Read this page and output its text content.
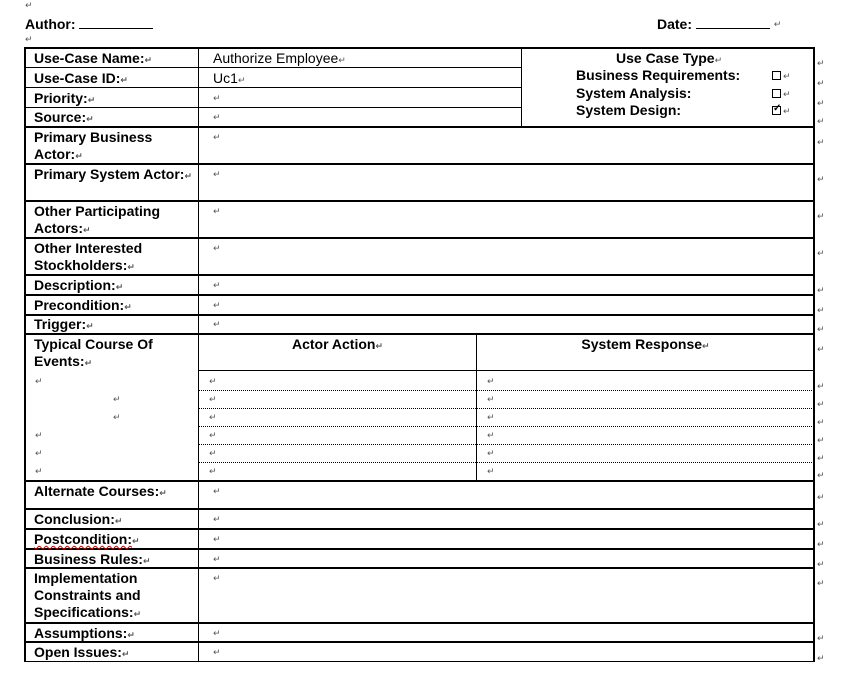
↵
↵
Author:	Date:	↵
Use-Case Name:↵	Authorize Employee↵
Use-Case ID:↵	Uc1↵
Priority:↵	↵
Source:↵	↵
Use Case Type↵
Business Requirements:	↵
System Analysis:	↵
System Design:
✓	↵
Primary Business Actor:↵
↵
Primary System Actor:↵ ↵
Other Participating Actors:↵
↵
Other Interested Stockholders:↵
↵
Description:↵	↵
Precondition:↵	↵
Trigger:↵	↵
Typical Course Of Events:↵
Actor Action↵	System Response↵
↵
↵
↵
↵
↵
↵
↵
↵
↵
↵
↵
↵
↵
↵
↵
↵
↵
↵
Alternate Courses:↵	↵
Conclusion:↵	↵
Postcondition:↵	↵
Business Rules:↵	↵
Implementation Constraints and Specifications:↵
↵
Assumptions:↵	↵
Open Issues:↵	↵
↵
↵
↵
↵
↵
↵
↵
↵
↵
↵
↵
↵
↵
↵
↵
↵
↵
↵
↵
↵
↵
↵
↵
↵
↵
